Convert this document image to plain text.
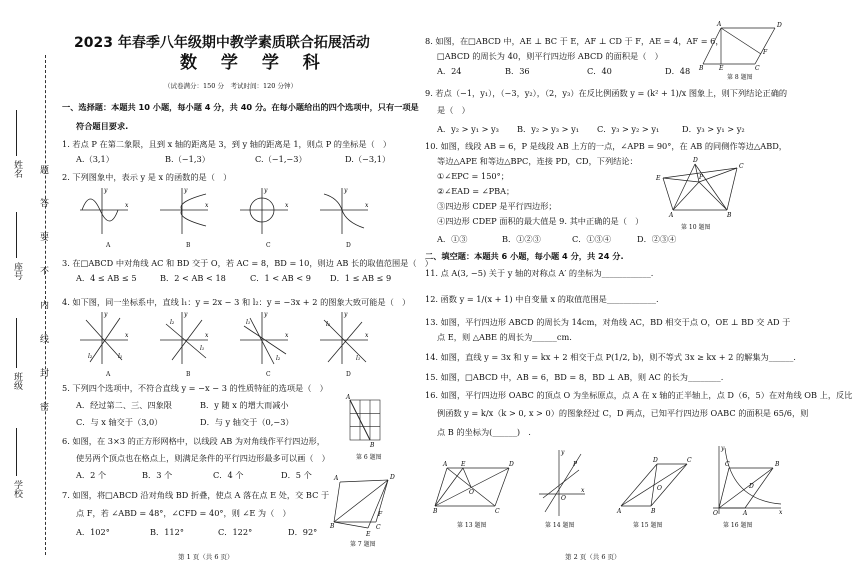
姓名
座号
班级
学校
题
答
要
不
内
线
封
密
2023 年春季八年级期中教学素质联合拓展活动
数 学 学 科
（试卷满分：150 分　考试时间：120 分钟）
一、选择题：本题共 10 小题，每小题 4 分，共 40 分。在每小题给出的四个选项中，只有一项是
符合题目要求.
1. 若点 P 在第二象限，且到 x 轴的距离是 3，到 y 轴的距离是 1，则点 P 的坐标是（　）
A.（3,1）	B.（−1,3）	C.（−1,−3）	D.（−3,1）
2. 下列图象中，表示 y 是 x 的函数的是（　）
x
y
x
y
x
y
x
y
A	B	C	D
3. 在□ABCD 中对角线 AC 和 BD 交于 O，若 AC = 8，BD = 10，则边 AB 长的取值范围是（　）
A．4 ≤ AB ≤ 5	B．2 < AB < 18	C．1 < AB < 9 D．1 ≤ AB ≤ 9
4. 如下图，同一坐标系中，直线 l₁：y = 2x − 3 和 l₂：y = −3x + 2 的图象大致可能是（　）
x
y
l₂	l₁
x
y
l₂
l₁
x
y
l₁
l₂
x
y
l₂
l₁
A	B	C	D
5. 下列四个选项中，不符合直线 y = −x − 3 的性质特征的选项是（　）
A．经过第二、三、四象限	B．y 随 x 的增大而减小
C．与 x 轴交于（3,0）	D．与 y 轴交于（0,−3）
A
B
第 6 题图
6. 如图，在 3×3 的正方形网格中，以线段 AB 为对角线作平行四边形，
使另两个顶点也在格点上，则满足条件的平行四边形最多可以画（　）
A．2 个	B．3 个	C．4 个	D．5 个	A	D
B	C
E
F
第 7 题图
7. 如图，将□ABCD 沿对角线 BD 折叠，使点 A 落在点 E 处，交 BC 于
点 F，若 ∠ABD = 48°，∠CFD = 40°，则 ∠E 为（　）
A．102°	B．112°	C．122°	D．92°
第 1 页（共 6 页）
8. 如图，在□ABCD 中，AE ⊥ BC 于 E，AF ⊥ CD 于 F，AE = 4，AF = 6，
□ABCD 的周长为 40，则平行四边形 ABCD 的面积是（　）
A．24	B．36	C．40	D．48
A	D
B	E	C
F
第 8 题图
9. 若点（−1，y₁），（−3，y₂），（2，y₃）在反比例函数 y = (k² + 1)/x 图象上，则下列结论正确的
是（　）
A．y₂ > y₁ > y₃ B．y₂ > y₃ > y₁ C．y₃ > y₂ > y₁	D．y₃ > y₁ > y₂
10. 如图，线段 AB = 6，P 是线段 AB 上方的一点，∠APB = 90°，在 AB 的同侧作等边△ABD，
等边△APE 和等边△BPC，连接 PD，CD，下列结论：
①∠EPC = 150°；
②∠EAD = ∠PBA；
③四边形 CDEP 是平行四边形；
④四边形 CDEP 面积的最大值是 9. 其中正确的是（　）
A．①③	B．①②③	C．①③④	D．②③④
D
C
E	P
A	B
第 10 题图
二、填空题：本题共 6 小题，每小题 4 分，共 24 分.
11. 点 A(3, −5) 关于 y 轴的对称点 A′ 的坐标为____________.
12. 函数 y = 1/(x + 1) 中自变量 x 的取值范围是____________.
13. 如图，平行四边形 ABCD 的周长为 14cm，对角线 AC，BD 相交于点 O，OE ⊥ BD 交 AD 于
点 E，则 △ABE 的周长为______cm.
14. 如图，直线 y = 3x 和 y = kx + 2 相交于点 P(1/2, b)，则不等式 3x ≥ kx + 2 的解集为______.
15. 如图，□ABCD 中，AB = 6，BD = 8，BD ⊥ AB，则 AC 的长为________.
16. 如图，平行四边形 OABC 的顶点 O 为坐标原点，点 A 在 x 轴的正半轴上，点 D（6，5）在对角线 OB 上，反比
例函数 y = k/x（k > 0, x > 0）的图象经过 C，D 两点，已知平行四边形 OABC 的面积是 65/6，则
点 B 的坐标为(______)　.
A E	D
O
B	C
P
O
x
y
D	C
A	B
O
y
C	B
D
O	A	x
第 13 题图	第 14 题图	第 15 题图	第 16 题图
第 2 页（共 6 页）
